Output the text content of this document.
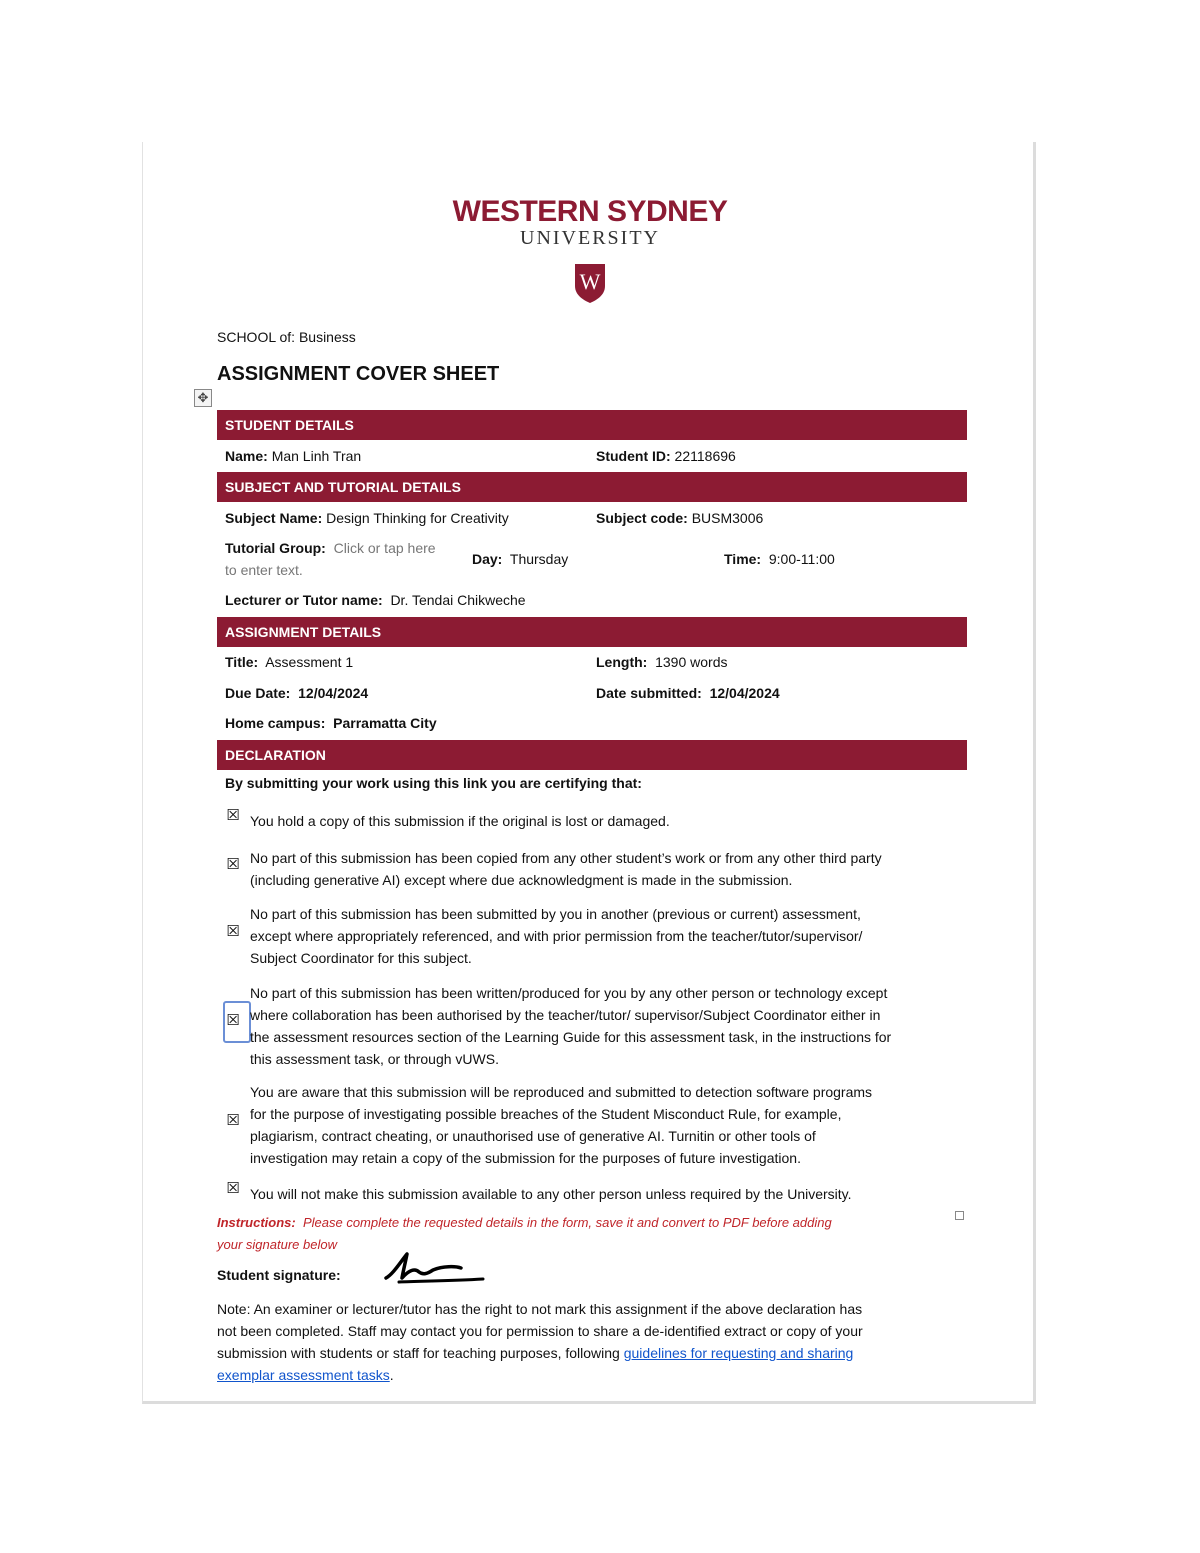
WESTERN SYDNEY
UNIVERSITY
W
SCHOOL of: Business
ASSIGNMENT COVER SHEET
✥
STUDENT DETAILS
Name: Man Linh Tran	Student ID: 22118696
SUBJECT AND TUTORIAL DETAILS
Subject Name: Design Thinking for Creativity	Subject code: BUSM3006
Tutorial Group: Click or tap here
to enter text.
Day: Thursday	Time: 9:00-11:00
Lecturer or Tutor name: Dr. Tendai Chikweche
ASSIGNMENT DETAILS
Title: Assessment 1	Length: 1390 words
Due Date: 12/04/2024	Date submitted: 12/04/2024
Home campus: Parramatta City
DECLARATION
By submitting your work using this link you are certifying that:
☒ You hold a copy of this submission if the original is lost or damaged.
☒ No part of this submission has been copied from any other student’s work or from any other third party
(including generative AI) except where due acknowledgment is made in the submission.
☒
No part of this submission has been submitted by you in another (previous or current) assessment,
except where appropriately referenced, and with prior permission from the teacher/tutor/supervisor/
Subject Coordinator for this subject.
☒
No part of this submission has been written/produced for you by any other person or technology except
where collaboration has been authorised by the teacher/tutor/ supervisor/Subject Coordinator either in
the assessment resources section of the Learning Guide for this assessment task, in the instructions for
this assessment task, or through vUWS.
☒
You are aware that this submission will be reproduced and submitted to detection software programs
for the purpose of investigating possible breaches of the Student Misconduct Rule, for example,
plagiarism, contract cheating, or unauthorised use of generative AI. Turnitin or other tools of
investigation may retain a copy of the submission for the purposes of future investigation.
☒ You will not make this submission available to any other person unless required by the University.
Instructions: Please complete the requested details in the form, save it and convert to PDF before adding
your signature below
Student signature:
Note: An examiner or lecturer/tutor has the right to not mark this assignment if the above declaration has
not been completed. Staff may contact you for permission to share a de-identified extract or copy of your
submission with students or staff for teaching purposes, following guidelines for requesting and sharing
exemplar assessment tasks.
